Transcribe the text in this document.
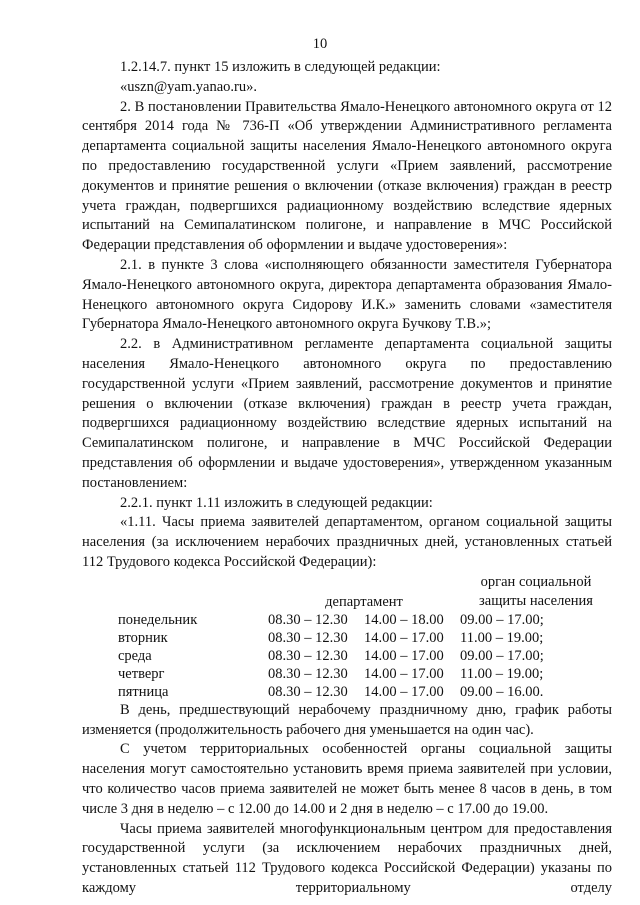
10

1.2.14.7. пункт 15 изложить в следующей редакции:

«uszn@yam.yanao.ru».

2. В постановлении Правительства Ямало-Ненецкого автономного округа от 12 сентября 2014 года № 736-П «Об утверждении Административного регламента департамента социальной защиты населения Ямало-Ненецкого автономного округа по предоставлению государственной услуги «Прием заявлений, рассмотрение документов и принятие решения о включении (отказе включения) граждан в реестр учета граждан, подвергшихся радиационному воздействию вследствие ядерных испытаний на Семипалатинском полигоне, и направление в МЧС Российской Федерации представления об оформлении и выдаче удостоверения»:

2.1. в пункте 3 слова «исполняющего обязанности заместителя Губернатора Ямало-Ненецкого автономного округа, директора департамента образования Ямало-Ненецкого автономного округа Сидорову И.К.» заменить словами «заместителя Губернатора Ямало-Ненецкого автономного округа Бучкову Т.В.»;

2.2. в Административном регламенте департамента социальной защиты населения Ямало-Ненецкого автономного округа по предоставлению государственной услуги «Прием заявлений, рассмотрение документов и принятие решения о включении (отказе включения) граждан в реестр учета граждан, подвергшихся радиационному воздействию вследствие ядерных испытаний на Семипалатинском полигоне, и направление в МЧС Российской Федерации представления об оформлении и выдаче удостоверения», утвержденном указанным постановлением:

2.2.1. пункт 1.11 изложить в следующей редакции:

«1.11. Часы приема заявителей департаментом, органом социальной защиты населения (за исключением нерабочих праздничных дней, установленных статьей 112 Трудового кодекса Российской Федерации):

	департамент		орган социальной
защиты населения

понедельник	08.30 – 12.30	14.00 – 18.00	09.00 – 17.00;
вторник	08.30 – 12.30	14.00 – 17.00	11.00 – 19.00;
среда	08.30 – 12.30	14.00 – 17.00	09.00 – 17.00;
четверг	08.30 – 12.30	14.00 – 17.00	11.00 – 19.00;
пятница	08.30 – 12.30	14.00 – 17.00	09.00 – 16.00.

В день, предшествующий нерабочему праздничному дню, график работы изменяется (продолжительность рабочего дня уменьшается на один час).

С учетом территориальных особенностей органы социальной защиты населения могут самостоятельно установить время приема заявителей при условии, что количество часов приема заявителей не может быть менее 8 часов в день, в том числе 3 дня в неделю – с 12.00 до 14.00 и 2 дня в неделю – с 17.00 до 19.00.

Часы приема заявителей многофункциональным центром для предоставления государственной услуги (за исключением нерабочих праздничных дней, установленных статьей 112 Трудового кодекса Российской Федерации) указаны по каждому территориальному отделу
